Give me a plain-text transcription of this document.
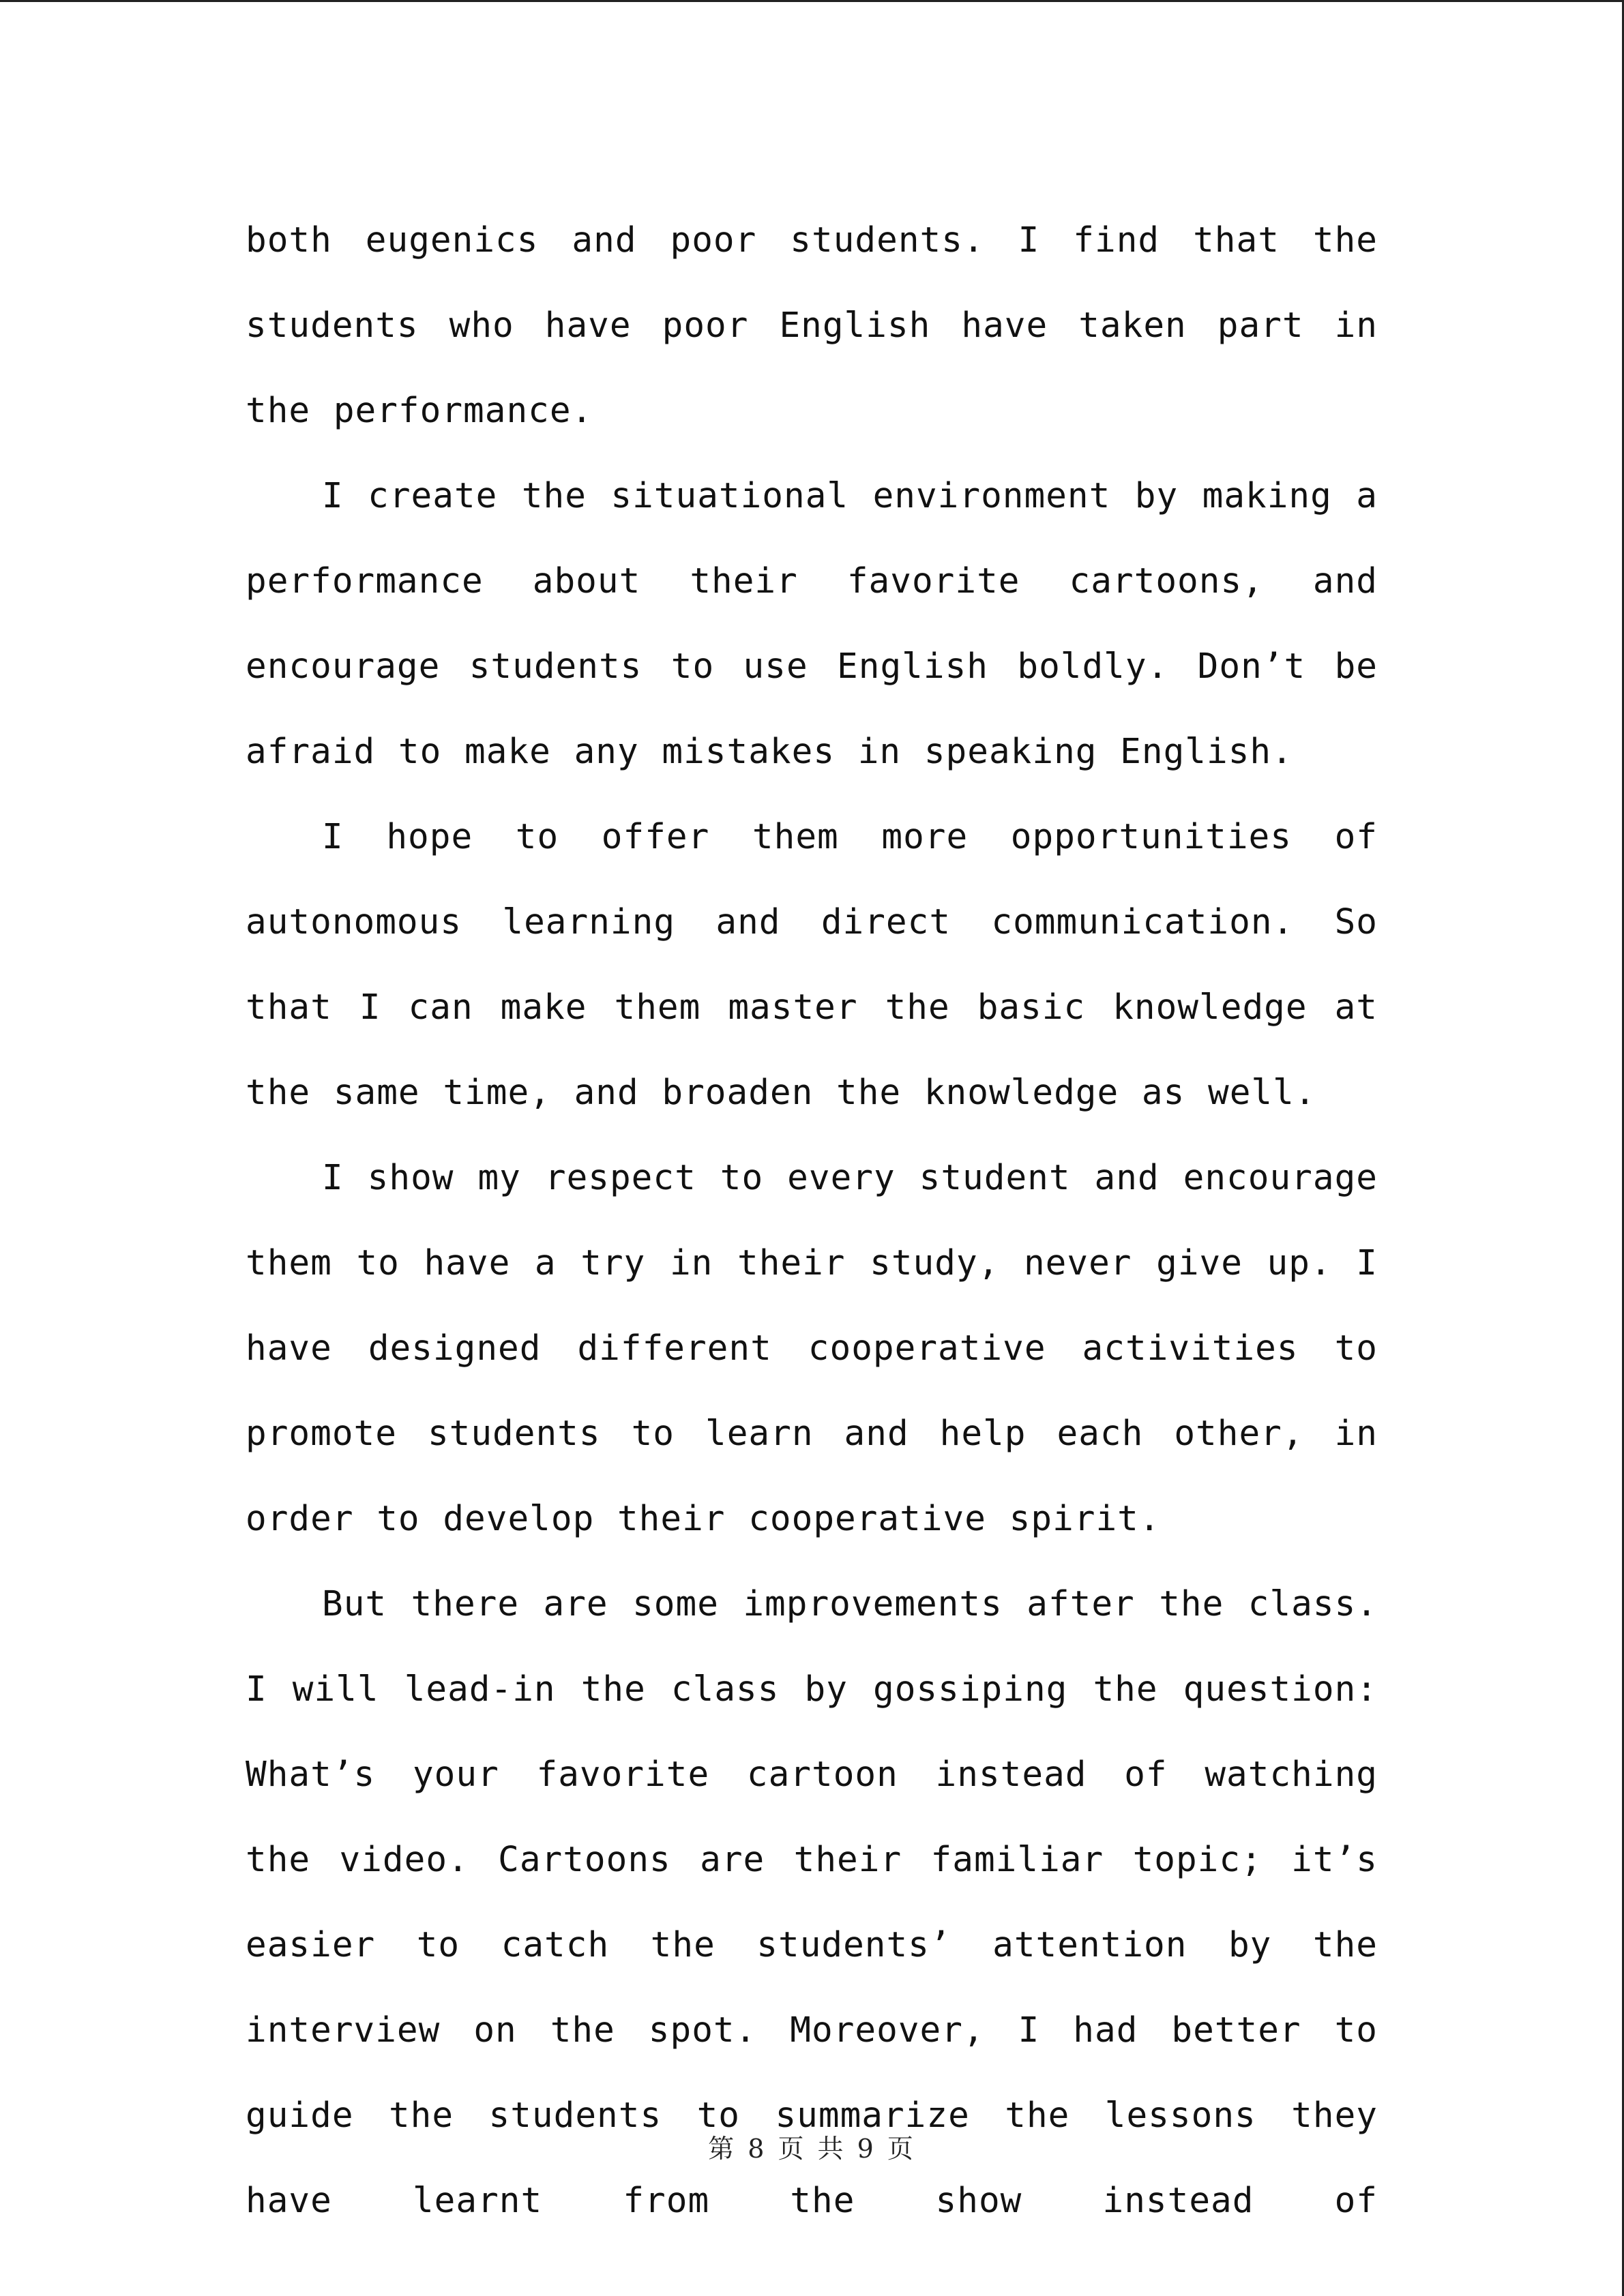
both eugenics and poor students. I find that the students who have poor English have taken part in the performance.

I create the situational environment by making a performance about their favorite cartoons, and encourage students to use English boldly. Don’t be afraid to make any mistakes in speaking English.

I hope to offer them more opportunities of autonomous learning and direct communication. So that I can make them master the basic knowledge at the same time, and broaden the knowledge as well.

I show my respect to every student and encourage them to have a try in their study, never give up. I have designed different cooperative activities to promote students to learn and help each other, in order to develop their cooperative spirit.

But there are some improvements after the class. I will lead-in the class by gossiping the question: What’s your favorite cartoon instead of watching the video. Cartoons are their familiar topic; it’s easier to catch the students’ attention by the interview on the spot. Moreover, I had better to guide the students to summarize the lessons they have learnt from the show instead of

第 8 页 共 9 页
